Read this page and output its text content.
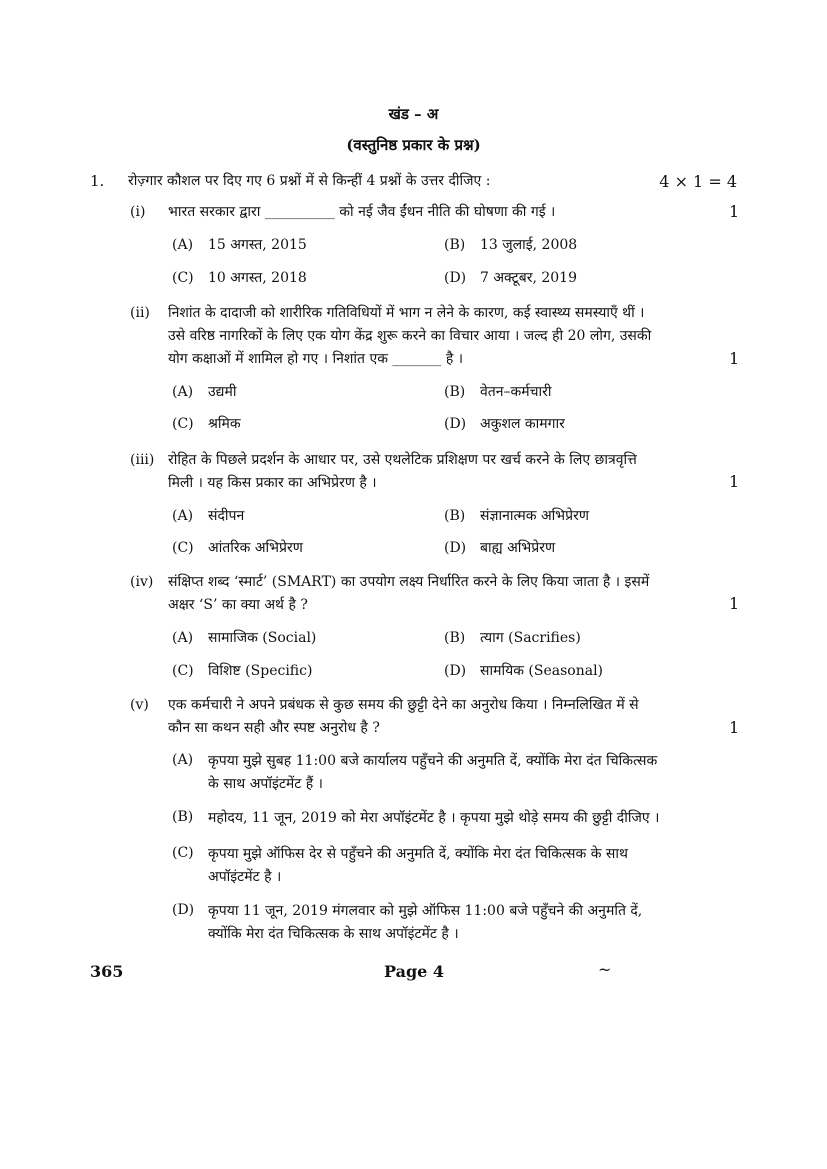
खंड – अ
(वस्तुनिष्ठ प्रकार के प्रश्न)
1. रोज़्गार कौशल पर दिए गए 6 प्रश्नों में से किन्हीं 4 प्रश्नों के उत्तर दीजिए :	4 × 1 = 4
(i) भारत सरकार द्वारा __________ को नई जैव ईंधन नीति की घोषणा की गई ।	1
(A) 15 अगस्त, 2015	(B) 13 जुलाई, 2008
(C) 10 अगस्त, 2018	(D) 7 अक्टूबर, 2019
(ii) निशांत के दादाजी को शारीरिक गतिविधियों में भाग न लेने के कारण, कई स्वास्थ्य समस्याएँ थीं ।
उसे वरिष्ठ नागरिकों के लिए एक योग केंद्र शुरू करने का विचार आया । जल्द ही 20 लोग, उसकी
योग कक्षाओं में शामिल हो गए । निशांत एक _______ है ।	1
(A) उद्यमी	(B) वेतन–कर्मचारी
(C) श्रमिक	(D) अकुशल कामगार
(iii) रोहित के पिछले प्रदर्शन के आधार पर, उसे एथलेटिक प्रशिक्षण पर खर्च करने के लिए छात्रवृत्ति
मिली । यह किस प्रकार का अभिप्रेरण है ।	1
(A) संदीपन	(B) संज्ञानात्मक अभिप्रेरण
(C) आंतरिक अभिप्रेरण	(D) बाह्य अभिप्रेरण
(iv) संक्षिप्त शब्द ‘स्मार्ट’ (SMART) का उपयोग लक्ष्य निर्धारित करने के लिए किया जाता है । इसमें
अक्षर ‘S’ का क्या अर्थ है ?	1
(A) सामाजिक (Social)	(B) त्याग (Sacrifies)
(C) विशिष्ट (Specific)	(D) सामयिक (Seasonal)
(v) एक कर्मचारी ने अपने प्रबंधक से कुछ समय की छुट्टी देने का अनुरोध किया । निम्नलिखित में से
कौन सा कथन सही और स्पष्ट अनुरोध है ?	1
(A) कृपया मुझे सुबह 11:00 बजे कार्यालय पहुँचने की अनुमति दें, क्योंकि मेरा दंत चिकित्सक
के साथ अपॉइंटमेंट हैं ।
(B) महोदय, 11 जून, 2019 को मेरा अपॉइंटमेंट है । कृपया मुझे थोड़े समय की छुट्टी दीजिए ।
(C) कृपया मुझे ऑफिस देर से पहुँचने की अनुमति दें, क्योंकि मेरा दंत चिकित्सक के साथ
अपॉइंटमेंट है ।
(D) कृपया 11 जून, 2019 मंगलवार को मुझे ऑफिस 11:00 बजे पहुँचने की अनुमति दें,
क्योंकि मेरा दंत चिकित्सक के साथ अपॉइंटमेंट है ।
365	Page 4	~
